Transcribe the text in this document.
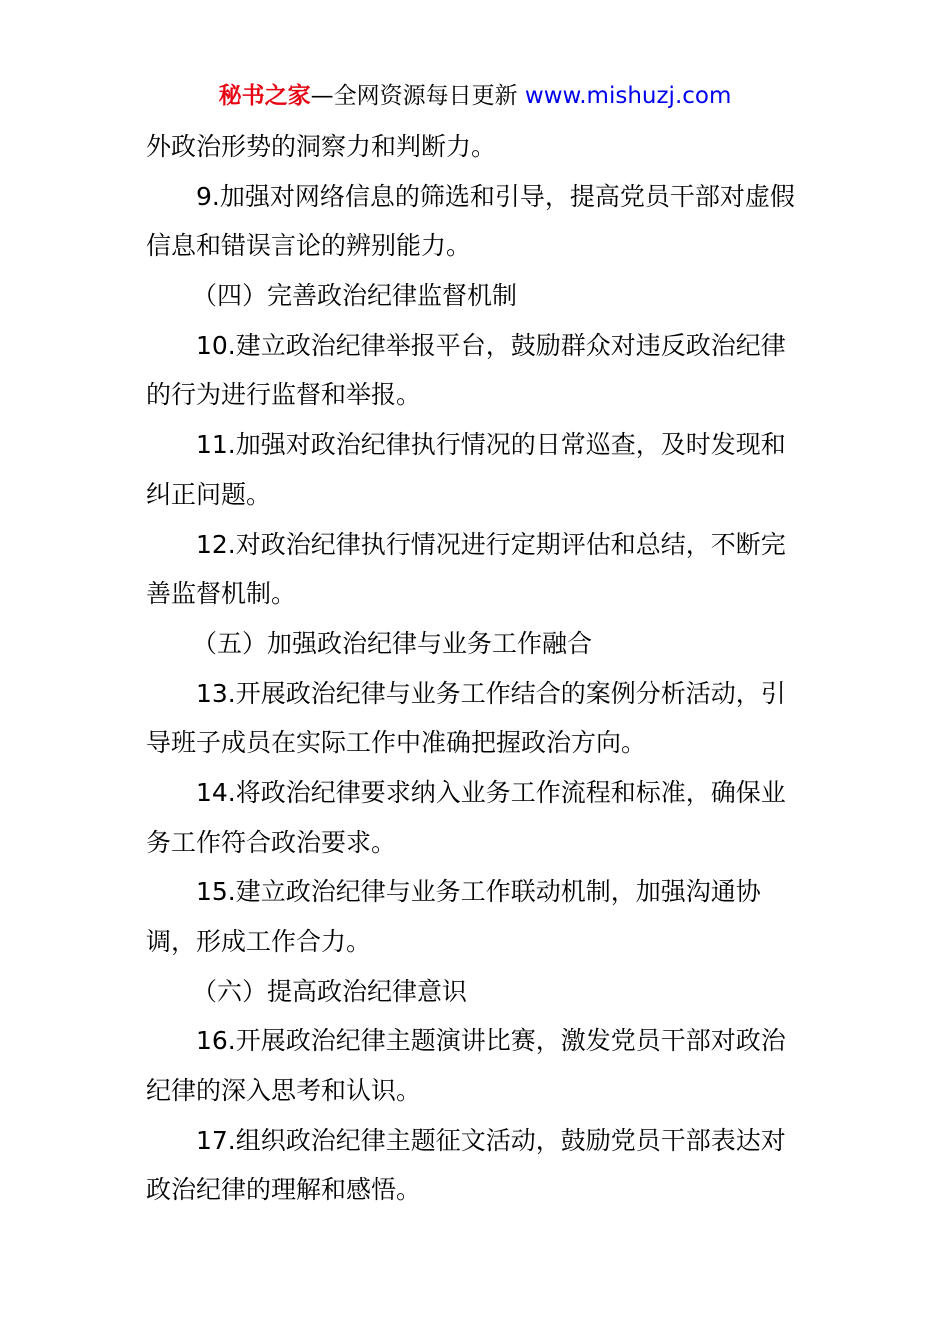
秘书之家—全网资源每日更新 www.mishuzj.com
外政治形势的洞察力和判断力。
9.加强对网络信息的筛选和引导，提高党员干部对虚假
信息和错误言论的辨别能力。
（四）完善政治纪律监督机制
10.建立政治纪律举报平台，鼓励群众对违反政治纪律
的行为进行监督和举报。
11.加强对政治纪律执行情况的日常巡查，及时发现和
纠正问题。
12.对政治纪律执行情况进行定期评估和总结，不断完
善监督机制。
（五）加强政治纪律与业务工作融合
13.开展政治纪律与业务工作结合的案例分析活动，引
导班子成员在实际工作中准确把握政治方向。
14.将政治纪律要求纳入业务工作流程和标准，确保业
务工作符合政治要求。
15.建立政治纪律与业务工作联动机制，加强沟通协
调，形成工作合力。
（六）提高政治纪律意识
16.开展政治纪律主题演讲比赛，激发党员干部对政治
纪律的深入思考和认识。
17.组织政治纪律主题征文活动，鼓励党员干部表达对
政治纪律的理解和感悟。
